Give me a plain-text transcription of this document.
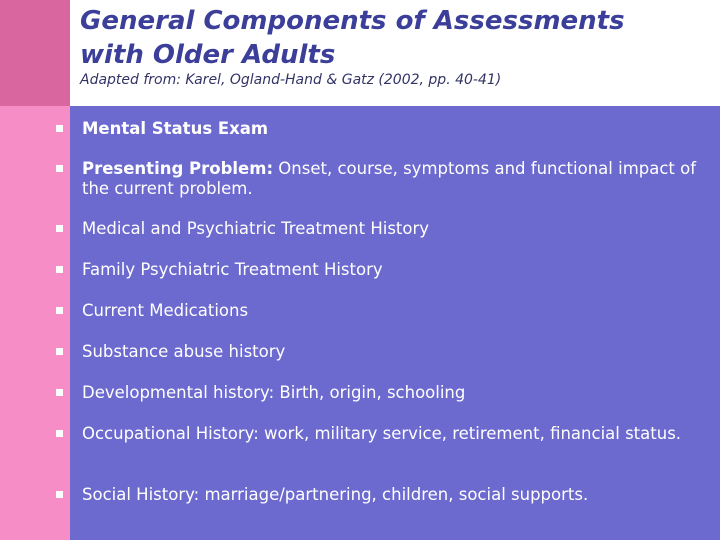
General Components of Assessments
with Older Adults
Adapted from: Karel, Ogland-Hand & Gatz (2002, pp. 40-41)
Mental Status Exam
Presenting Problem: Onset, course, symptoms and functional impact of the current problem.
Medical and Psychiatric Treatment History
Family Psychiatric Treatment History
Current Medications
Substance abuse history
Developmental history: Birth, origin, schooling
Occupational History: work, military service, retirement, financial status.
Social History: marriage/partnering, children, social supports.
